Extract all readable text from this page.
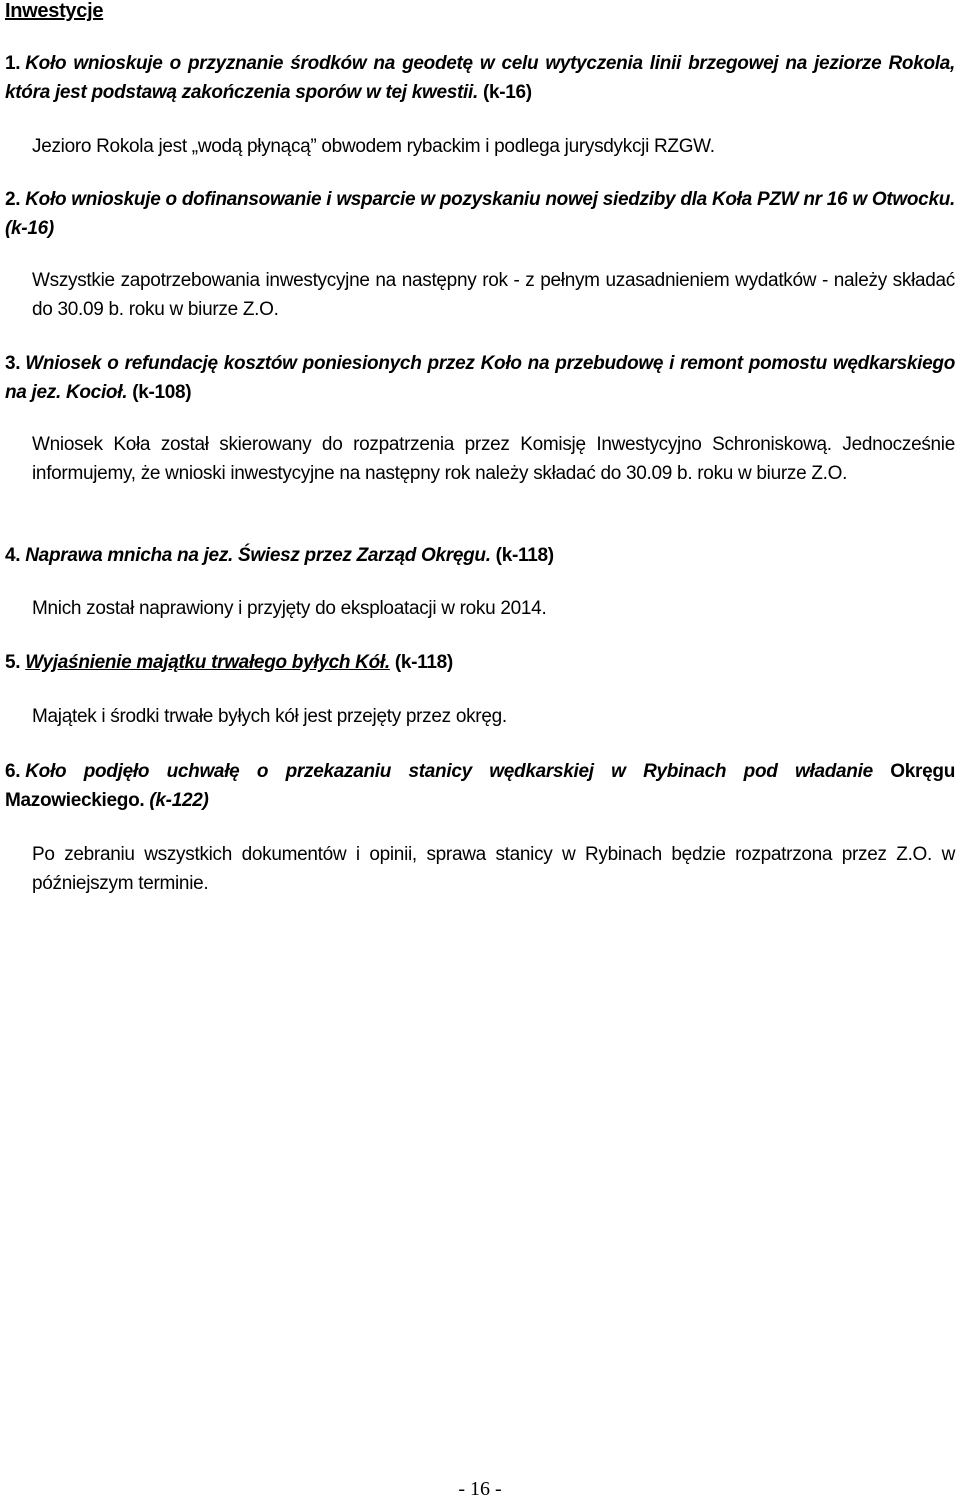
Inwestycje
1. Koło wnioskuje o przyznanie środków na geodetę w celu wytyczenia linii brzegowej na jeziorze Rokola, która jest podstawą zakończenia sporów w tej kwestii. (k-16)
Jezioro Rokola jest „wodą płynącą” obwodem rybackim i podlega jurysdykcji RZGW.
2. Koło wnioskuje o dofinansowanie i wsparcie w pozyskaniu nowej siedziby dla Koła PZW nr 16 w Otwocku. (k-16)
Wszystkie zapotrzebowania inwestycyjne na następny rok - z pełnym uzasadnieniem wydatków - należy składać do 30.09 b. roku w biurze Z.O.
3. Wniosek o refundację kosztów poniesionych przez Koło na przebudowę i remont pomostu wędkarskiego na jez. Kocioł. (k-108)
Wniosek Koła został skierowany do rozpatrzenia przez Komisję Inwestycyjno Schroniskową. Jednocześnie informujemy, że wnioski inwestycyjne na następny rok należy składać do 30.09 b. roku w biurze Z.O.
4. Naprawa mnicha na jez. Świesz przez Zarząd Okręgu. (k-118)
Mnich został naprawiony i przyjęty do eksploatacji w roku 2014.
5. Wyjaśnienie majątku trwałego byłych Kół. (k-118)
Majątek i środki trwałe byłych kół jest przejęty przez okręg.
6. Koło podjęło uchwałę o przekazaniu stanicy wędkarskiej w Rybinach pod władanie Okręgu Mazowieckiego. (k-122)
Po zebraniu wszystkich dokumentów i opinii, sprawa stanicy w Rybinach będzie rozpatrzona przez Z.O. w późniejszym terminie.
- 16 -
